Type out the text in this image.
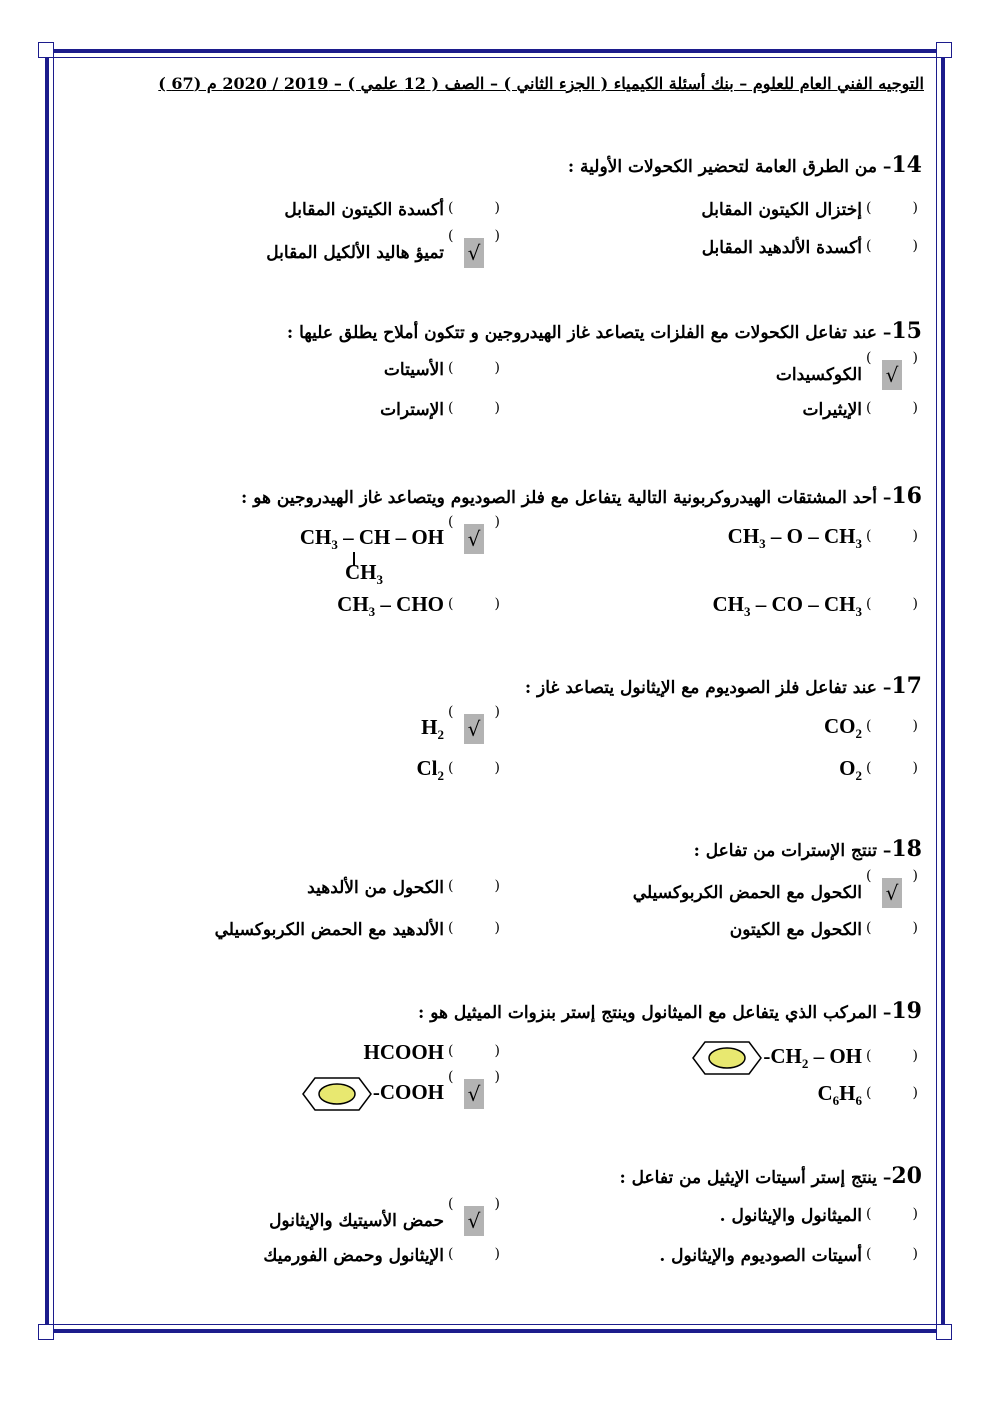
التوجيه الفني العام للعلوم – بنك أسئلة الكيمياء ( الجزء الثاني ) – الصف ( 12 علمي ) – 2019 / 2020 م (67 )
14– من الطرق العامة لتحضير الكحولات الأولية :
(
)
إختزال الكيتون المقابل
(
)
أكسدة الكيتون المقابل
(
)
أكسدة الألدهيد المقابل
(
√
)
تميؤ هاليد الألكيل المقابل
15– عند تفاعل الكحولات مع الفلزات يتصاعد غاز الهيدروجين و تتكون أملاح يطلق عليها :
(
√
)
الكوكسيدات
(
)
الأسيتات
(
)
الإيثيرات
(
)
الإسترات
16– أحد المشتقات الهيدروكربونية التالية يتفاعل مع فلز الصوديوم ويتصاعد غاز الهيدروجين هو :
(
)
$CH_3$ – O – $CH_3$
(
√
)
$CH_3$ – CH – OH
$CH_3$
(
)
$CH_3$ – CO – $CH_3$
(
)
$CH_3$ – CHO
17– عند تفاعل فلز الصوديوم مع الإيثانول يتصاعد غاز :
(
)
$CO_2$
(
√
)
$H_2$
(
)
$O_2$
(
)
$Cl_2$
18– تنتج الإسترات من تفاعل :
(
√
)
الكحول مع الحمض الكربوكسيلي
(
)
الكحول من الألدهيد
(
)
الكحول مع الكيتون
(
)
الألدهيد مع الحمض الكربوكسيلي
19– المركب الذي يتفاعل مع الميثانول وينتج إستر بنزوات الميثيل هو :
(
)
$-CH_2$ – OH
(
)
HCOOH
(
)
$C_6H_6$
(
√
)
-COOH
20– ينتج إستر أسيتات الإيثيل من تفاعل :
(
)
الميثانول والإيثانول .
(
√
)
حمض الأسيتيك والإيثانول
(
)
أسيتات الصوديوم والإيثانول .
(
)
الإيثانول وحمض الفورميك
